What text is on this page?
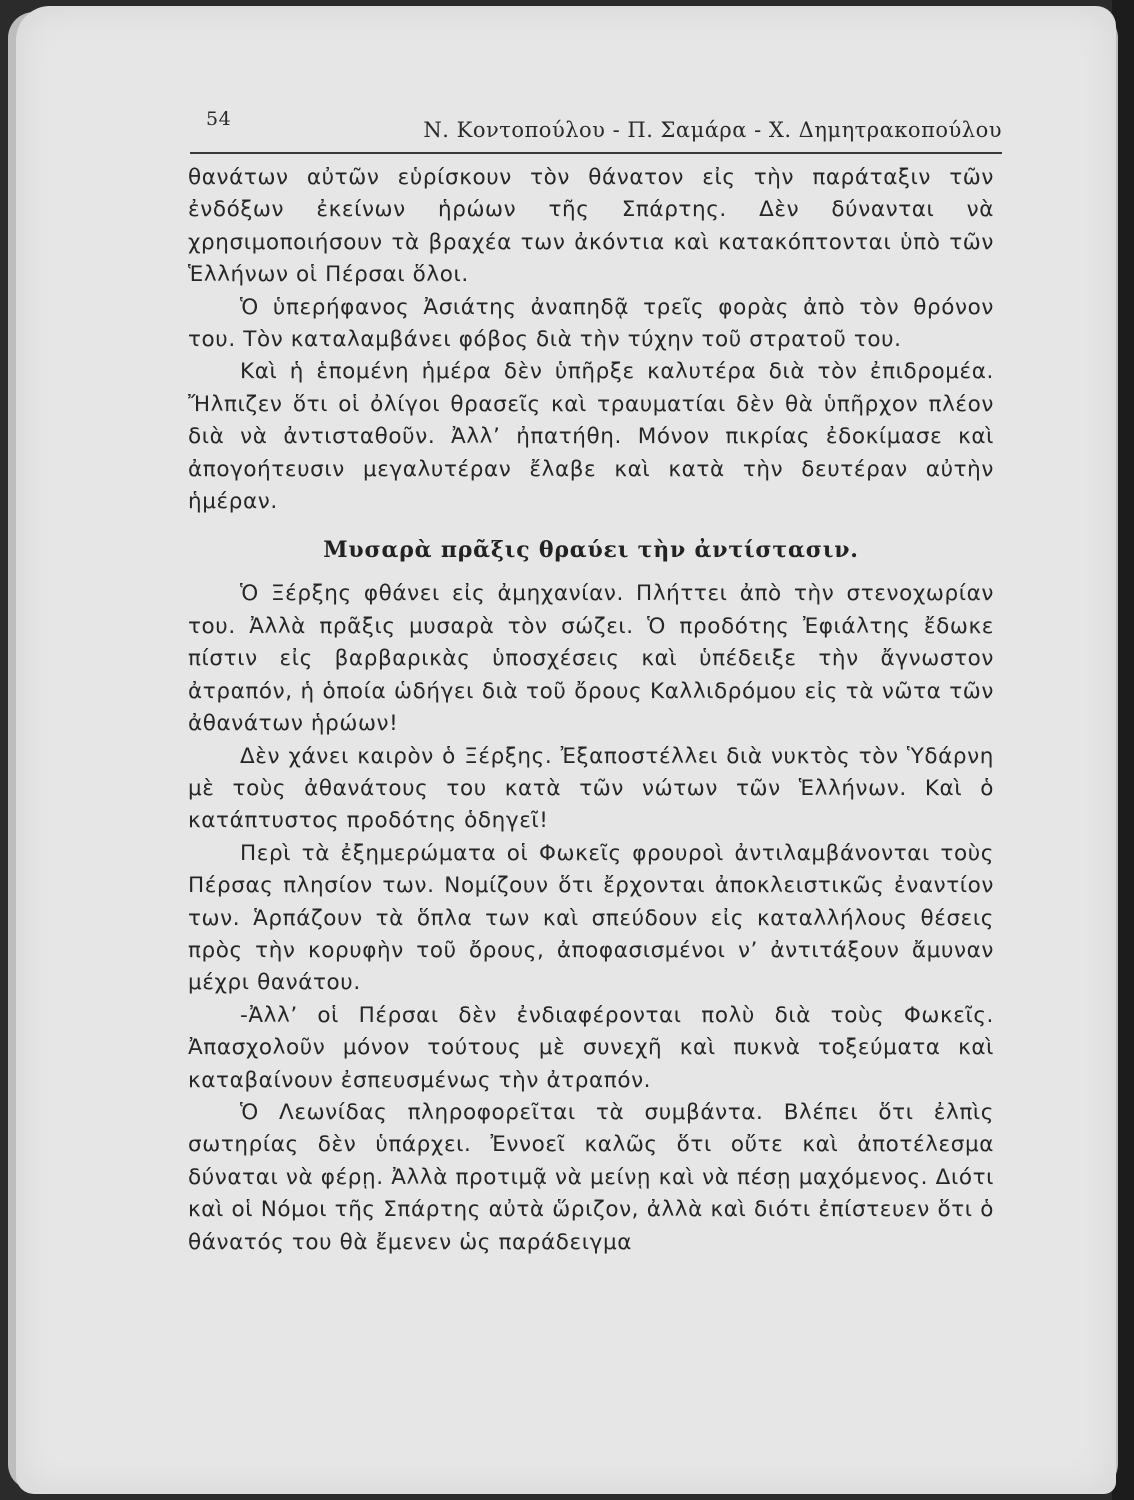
54	Ν. Κοντοπούλου - Π. Σαμάρα - Χ. Δημητρακοπούλου

θανάτων αὐτῶν εὑρίσκουν τὸν θάνατον εἰς τὴν παράταξιν τῶν ἐνδόξων ἐκείνων ἡρώων τῆς Σπάρτης. Δὲν δύνανται νὰ χρησιμοποιήσουν τὰ βραχέα των ἀκόντια καὶ κατακόπτονται ὑπὸ τῶν Ἑλλήνων οἱ Πέρσαι ὅλοι.

Ὁ ὑπερήφανος Ἀσιάτης ἀναπηδᾷ τρεῖς φορὰς ἀπὸ τὸν θρόνον του. Τὸν καταλαμβάνει φόβος διὰ τὴν τύχην τοῦ στρατοῦ του.

Καὶ ἡ ἑπομένη ἡμέρα δὲν ὑπῆρξε καλυτέρα διὰ τὸν ἐπιδρομέα. Ἤλπιζεν ὅτι οἱ ὀλίγοι θρασεῖς καὶ τραυματίαι δὲν θὰ ὑπῆρχον πλέον διὰ νὰ ἀντισταθοῦν. Ἀλλ’ ἠπατήθη. Μόνον πικρίας ἐδοκίμασε καὶ ἀπογοήτευσιν μεγαλυτέραν ἔλαβε καὶ κατὰ τὴν δευτέραν αὐτὴν ἡμέραν.

Μυσαρὰ πρᾶξις θραύει τὴν ἀντίστασιν.

Ὁ Ξέρξης φθάνει εἰς ἀμηχανίαν. Πλήττει ἀπὸ τὴν στενοχωρίαν του. Ἀλλὰ πρᾶξις μυσαρὰ τὸν σώζει. Ὁ προδότης Ἐφιάλτης ἔδωκε πίστιν εἰς βαρβαρικὰς ὑποσχέσεις καὶ ὑπέδειξε τὴν ἄγνωστον ἀτραπόν, ἡ ὁποία ὡδήγει διὰ τοῦ ὄρους Καλλιδρόμου εἰς τὰ νῶτα τῶν ἀθανάτων ἡρώων!

Δὲν χάνει καιρὸν ὁ Ξέρξης. Ἐξαποστέλλει διὰ νυκτὸς τὸν Ὑδάρνη μὲ τοὺς ἀθανάτους του κατὰ τῶν νώτων τῶν Ἑλλήνων. Καὶ ὁ κατάπτυστος προδότης ὁδηγεῖ!

Περὶ τὰ ἐξημερώματα οἱ Φωκεῖς φρουροὶ ἀντιλαμβάνονται τοὺς Πέρσας πλησίον των. Νομίζουν ὅτι ἔρχονται ἀποκλειστικῶς ἐναντίον των. Ἁρπάζουν τὰ ὅπλα των καὶ σπεύδουν εἰς καταλλήλους θέσεις πρὸς τὴν κορυφὴν τοῦ ὄρους, ἀποφασισμένοι ν’ ἀντιτάξουν ἄμυναν μέχρι θανάτου.

-Ἀλλ’ οἱ Πέρσαι δὲν ἐνδιαφέρονται πολὺ διὰ τοὺς Φωκεῖς. Ἀπασχολοῦν μόνον τούτους μὲ συνεχῆ καὶ πυκνὰ τοξεύματα καὶ καταβαίνουν ἐσπευσμένως τὴν ἀτραπόν.

Ὁ Λεωνίδας πληροφορεῖται τὰ συμβάντα. Βλέπει ὅτι ἐλπὶς σωτηρίας δὲν ὑπάρχει. Ἐννοεῖ καλῶς ὅτι οὔτε καὶ ἀποτέλεσμα δύναται νὰ φέρῃ. Ἀλλὰ προτιμᾷ νὰ μείνῃ καὶ νὰ πέσῃ μαχόμενος. Διότι καὶ οἱ Νόμοι τῆς Σπάρτης αὐτὰ ὥριζον, ἀλλὰ καὶ διότι ἐπίστευεν ὅτι ὁ θάνατός του θὰ ἔμενεν ὡς παράδειγμα
